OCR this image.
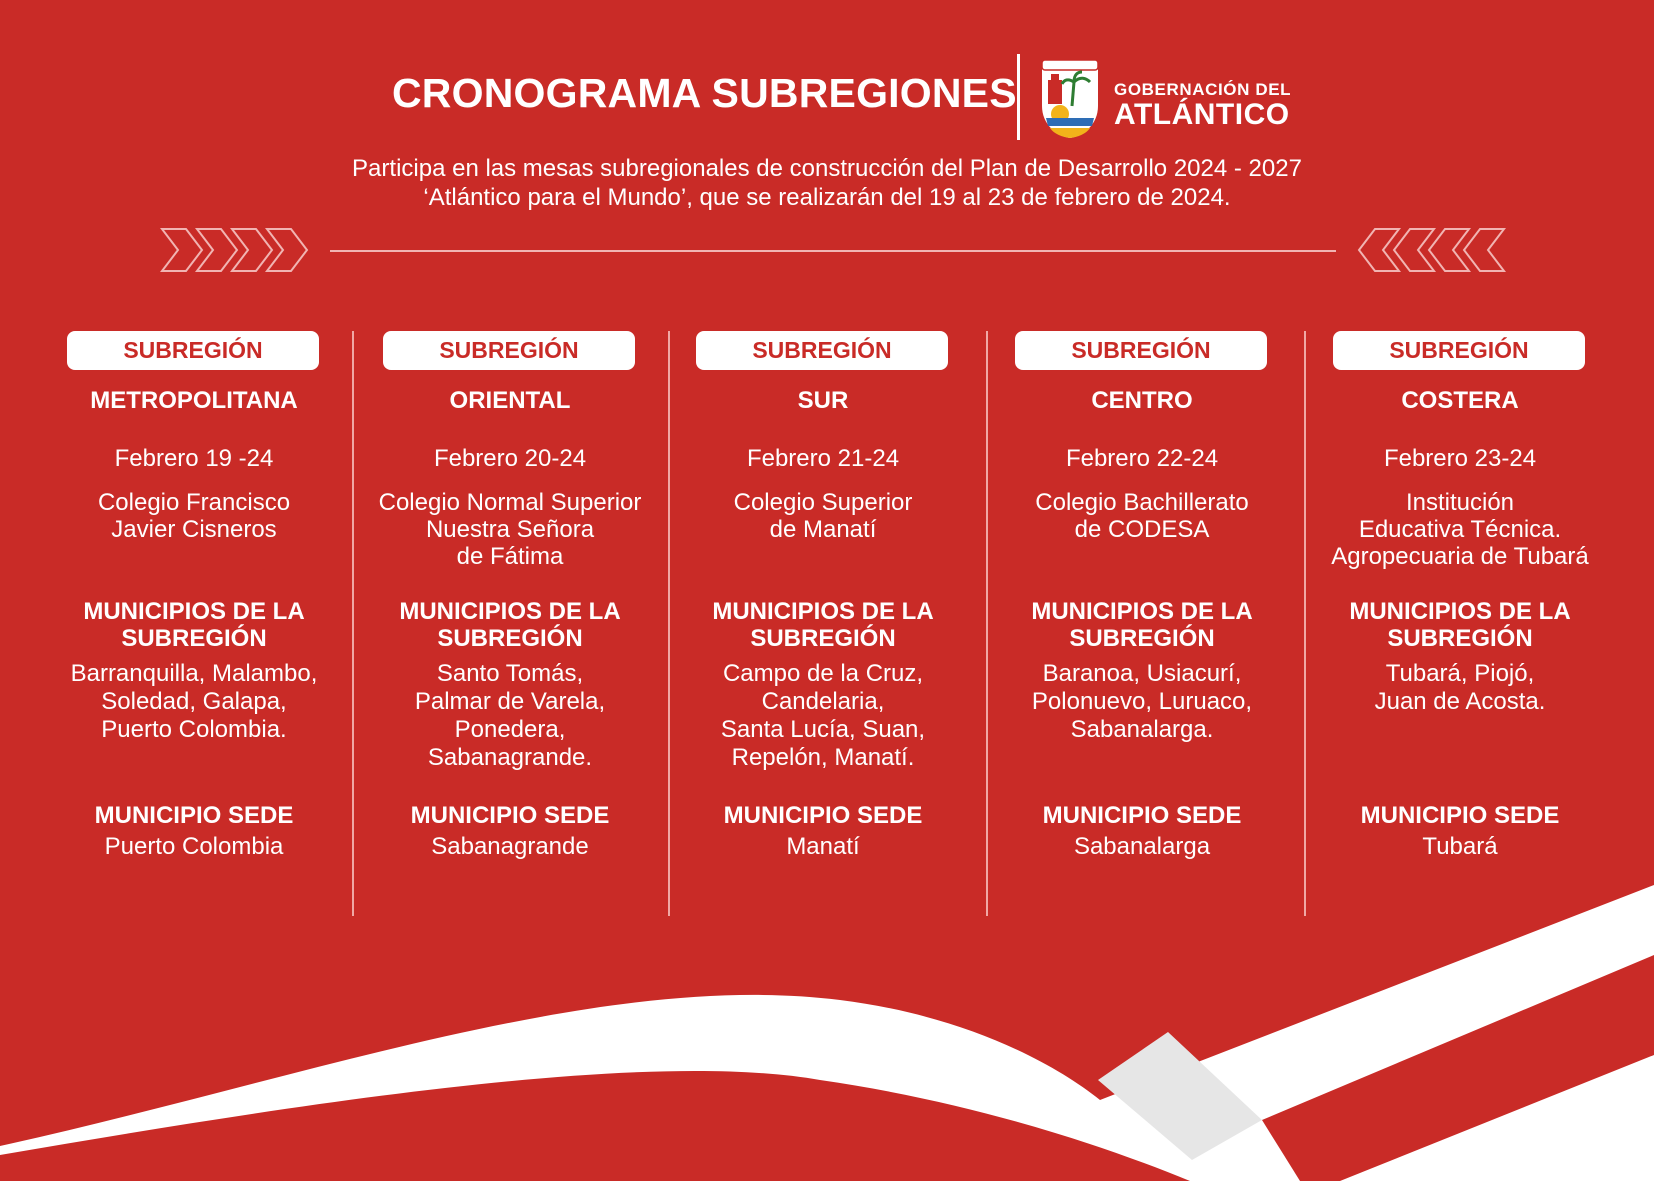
CRONOGRAMA SUBREGIONES	GOBERNACIÓN DEL
ATLÁNTICO
Participa en las mesas subregionales de construcción del Plan de Desarrollo 2024 - 2027
‘Atlántico para el Mundo’, que se realizarán del 19 al 23 de febrero de 2024.
SUBREGIÓN
METROPOLITANA
Febrero 19 -24
Colegio Francisco
Javier Cisneros
MUNICIPIOS DE LA
SUBREGIÓN
Barranquilla, Malambo,
Soledad, Galapa,
Puerto Colombia.
MUNICIPIO SEDE
Puerto Colombia
SUBREGIÓN
ORIENTAL
Febrero 20-24
Colegio Normal Superior
Nuestra Señora
de Fátima
MUNICIPIOS DE LA
SUBREGIÓN
Santo Tomás,
Palmar de Varela,
Ponedera,
Sabanagrande.
MUNICIPIO SEDE
Sabanagrande
SUBREGIÓN
SUR
Febrero 21-24
Colegio Superior
de Manatí
MUNICIPIOS DE LA
SUBREGIÓN
Campo de la Cruz,
Candelaria,
Santa Lucía, Suan,
Repelón, Manatí.
MUNICIPIO SEDE
Manatí
SUBREGIÓN
CENTRO
Febrero 22-24
Colegio Bachillerato
de CODESA
MUNICIPIOS DE LA
SUBREGIÓN
Baranoa, Usiacurí,
Polonuevo, Luruaco,
Sabanalarga.
MUNICIPIO SEDE
Sabanalarga
SUBREGIÓN
COSTERA
Febrero 23-24
Institución
Educativa Técnica.
Agropecuaria de Tubará
MUNICIPIOS DE LA
SUBREGIÓN
Tubará, Piojó,
Juan de Acosta.
MUNICIPIO SEDE
Tubará
